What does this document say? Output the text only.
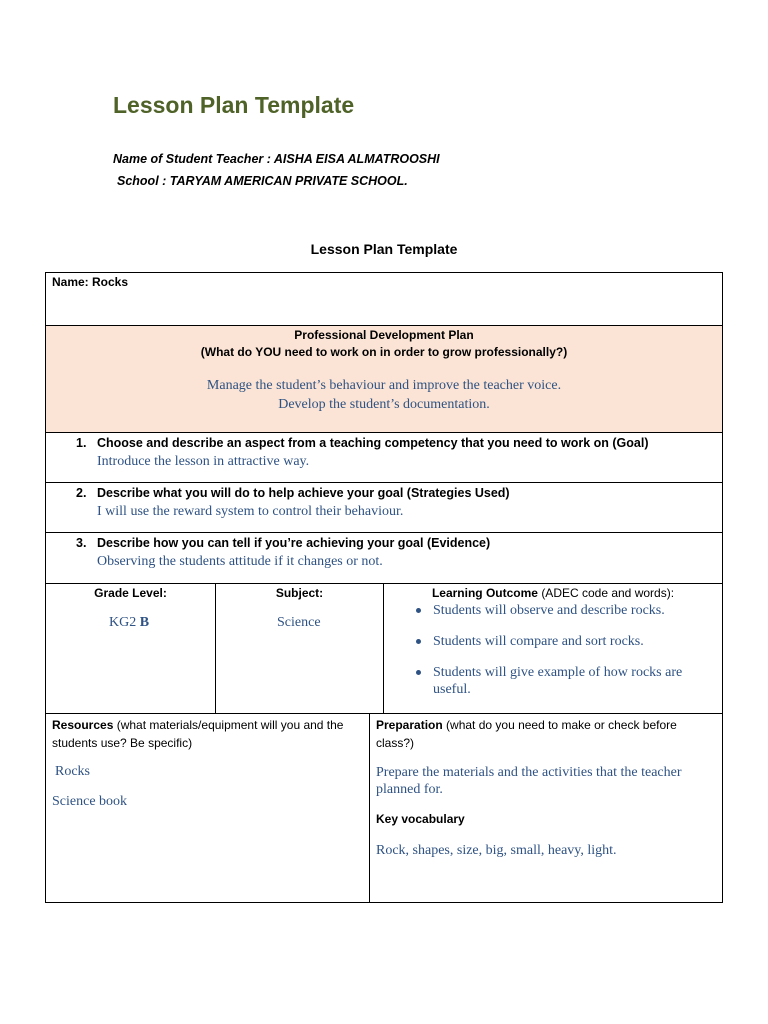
Lesson Plan Template
Name of Student Teacher : AISHA EISA ALMATROOSHI
School : TARYAM AMERICAN PRIVATE SCHOOL.
Lesson Plan Template
Name: Rocks
Professional Development Plan
(What do YOU need to work on in order to grow professionally?)
Manage the student’s behaviour and improve the teacher voice.
Develop the student’s documentation.
1. Choose and describe an aspect from a teaching competency that you need to work on (Goal)
Introduce the lesson in attractive way.
2. Describe what you will do to help achieve your goal (Strategies Used)
I will use the reward system to control their behaviour.
3. Describe how you can tell if you’re achieving your goal (Evidence)
Observing the students attitude if it changes or not.
Grade Level:
KG2 B
Subject:
Science
Learning Outcome (ADEC code and words):
Students will observe and describe rocks.
Students will compare and sort rocks.
Students will give example of how rocks are useful.
Resources (what materials/equipment will you and the students use? Be specific)
Rocks
Science book
Preparation (what do you need to make or check before class?)
Prepare the materials and the activities that the teacher planned for.
Key vocabulary
Rock, shapes, size, big, small, heavy, light.
